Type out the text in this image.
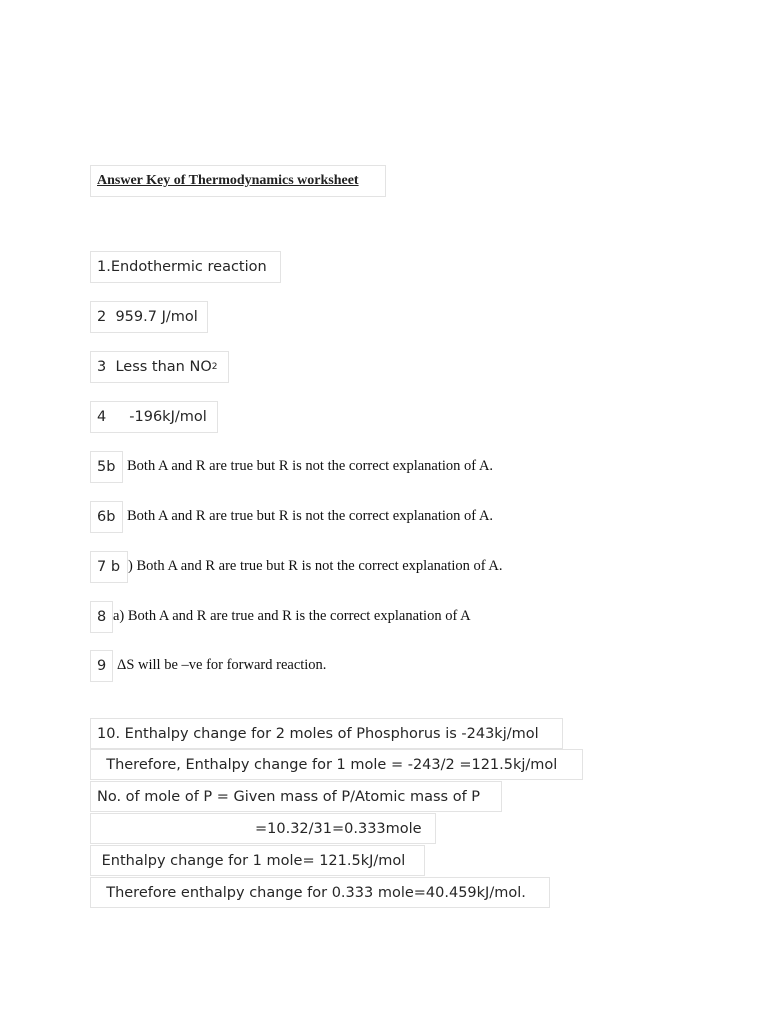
Answer Key of Thermodynamics worksheet
1.Endothermic reaction
2  959.7 J/mol
3  Less than NO 2
4     -196kJ/mol
5b Both A and R are true but R is not the correct explanation of A.
6b Both A and R are true but R is not the correct explanation of A.
7 b ) Both A and R are true but R is not the correct explanation of A.
8 a) Both A and R are true and R is the correct explanation of A
9 ΔS will be –ve for forward reaction.
10. Enthalpy change for 2 moles of Phosphorus is -243kj/mol
Therefore, Enthalpy change for 1 mole = -243/2 =121.5kj/mol
No. of mole of P = Given mass of P/Atomic mass of P
=10.32/31=0.333mole
Enthalpy change for 1 mole= 121.5kJ/mol
Therefore enthalpy change for 0.333 mole=40.459kJ/mol.
